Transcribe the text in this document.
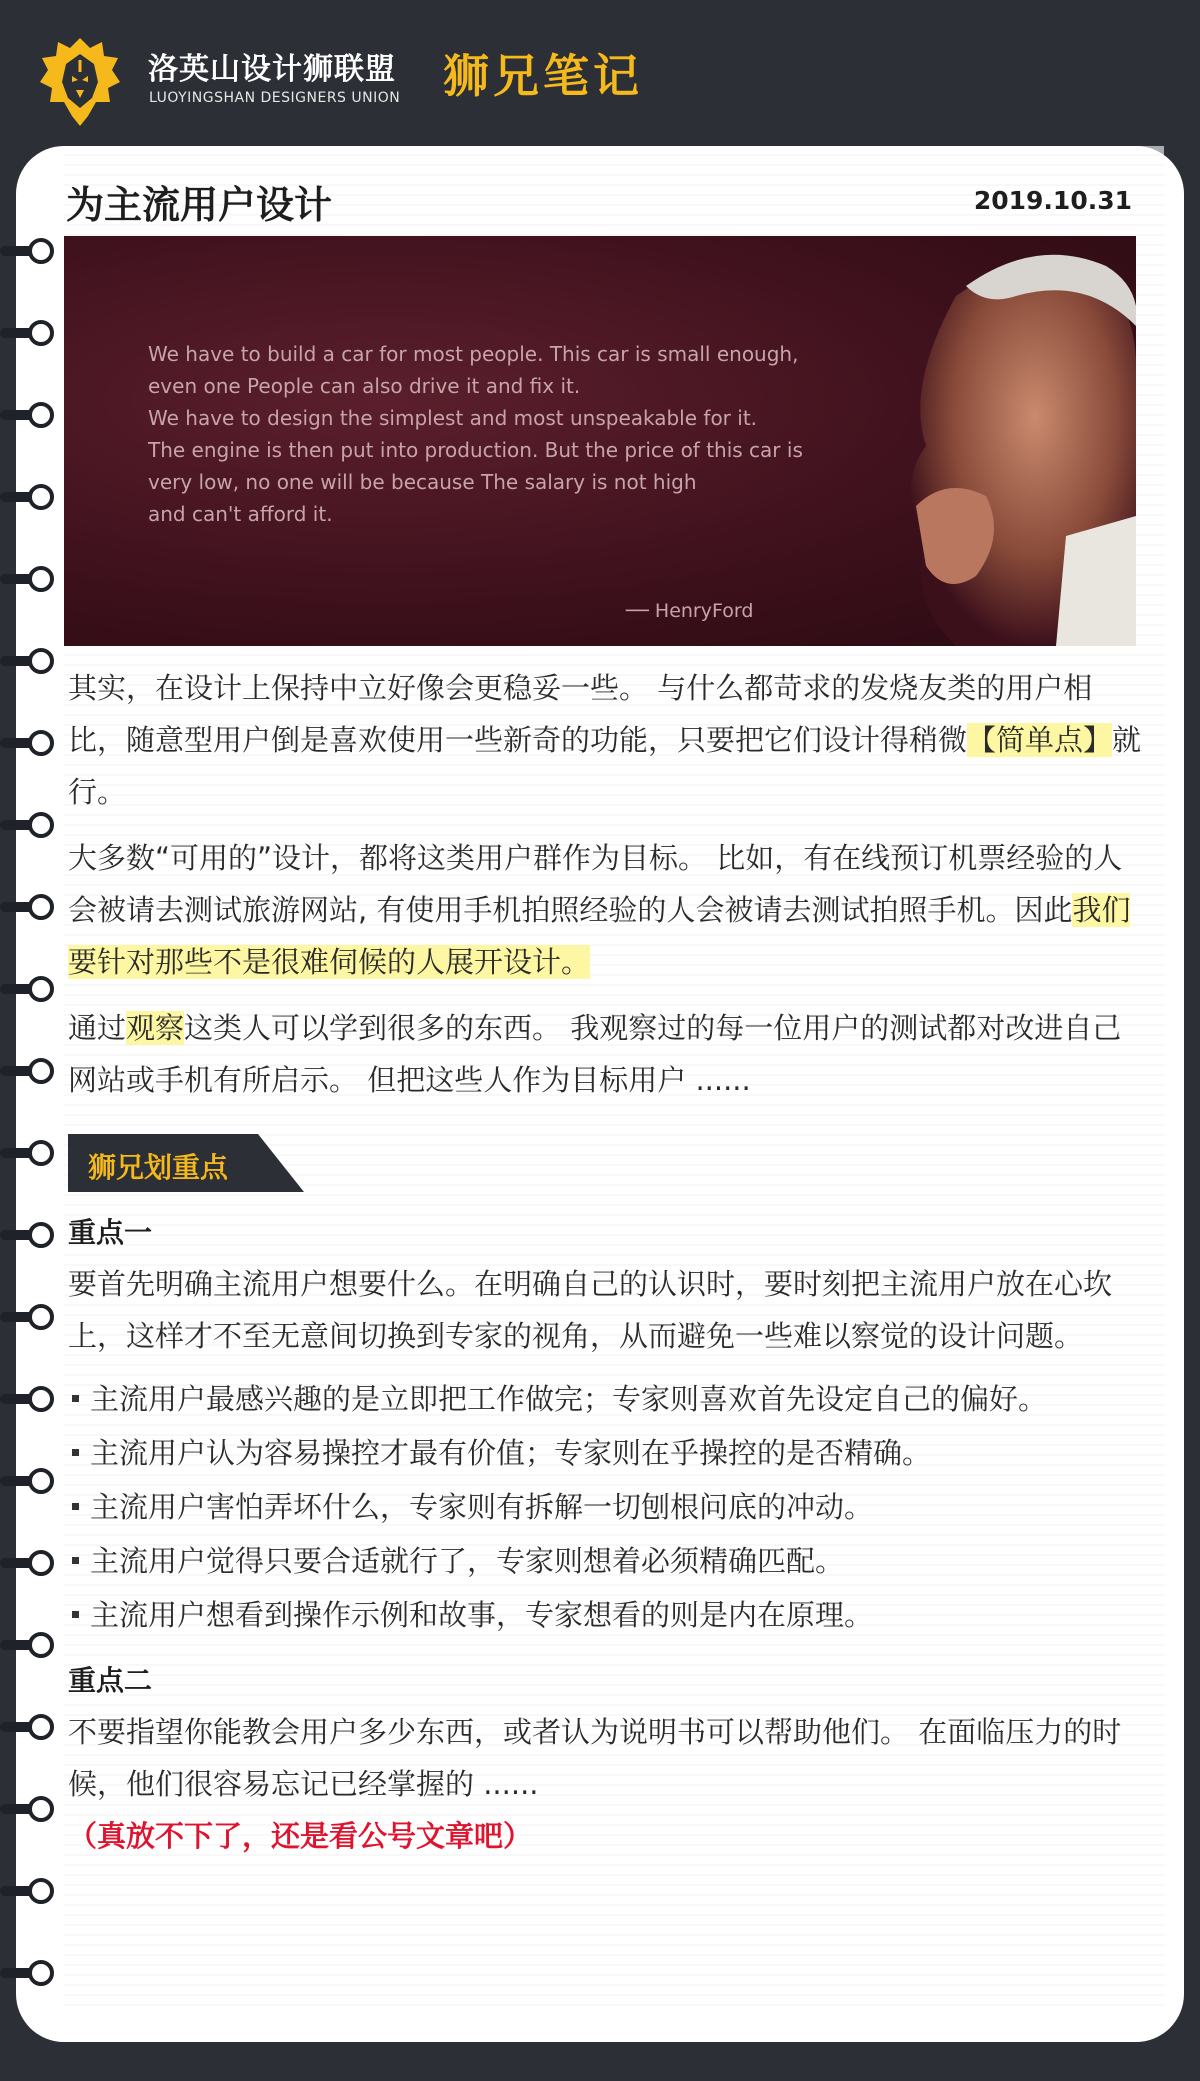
洛英山设计狮联盟
LUOYINGSHAN DESIGNERS UNION 狮兄笔记
为主流用户设计	2019.10.31
We have to build a car for most people. This car is small enough,
even one People can also drive it and fix it.
We have to design the simplest and most unspeakable for it.
The engine is then put into production. But the price of this car is
very low, no one will be because The salary is not high
and can't afford it.
── HenryFord

其实，在设计上保持中立好像会更稳妥一些。 与什么都苛求的发烧友类的用户相比，随意型用户倒是喜欢使用一些新奇的功能，只要把它们设计得稍微【简单点】就行。

大多数“可用的”设计，都将这类用户群作为目标。 比如，有在线预订机票经验的人会被请去测试旅游网站, 有使用手机拍照经验的人会被请去测试拍照手机。因此我们要针对那些不是很难伺候的人展开设计。

通过观察这类人可以学到很多的东西。 我观察过的每一位用户的测试都对改进自己网站或手机有所启示。 但把这些人作为目标用户 ......

狮兄划重点
重点一

要首先明确主流用户想要什么。在明确自己的认识时，要时刻把主流用户放在心坎上，这样才不至无意间切换到专家的视角，从而避免一些难以察觉的设计问题。

主流用户最感兴趣的是立即把工作做完；专家则喜欢首先设定自己的偏好。
主流用户认为容易操控才最有价值；专家则在乎操控的是否精确。
主流用户害怕弄坏什么，专家则有拆解一切刨根问底的冲动。
主流用户觉得只要合适就行了，专家则想着必须精确匹配。
主流用户想看到操作示例和故事，专家想看的则是内在原理。
重点二

不要指望你能教会用户多少东西，或者认为说明书可以帮助他们。 在面临压力的时候，他们很容易忘记已经掌握的 ......

（真放不下了，还是看公号文章吧）
